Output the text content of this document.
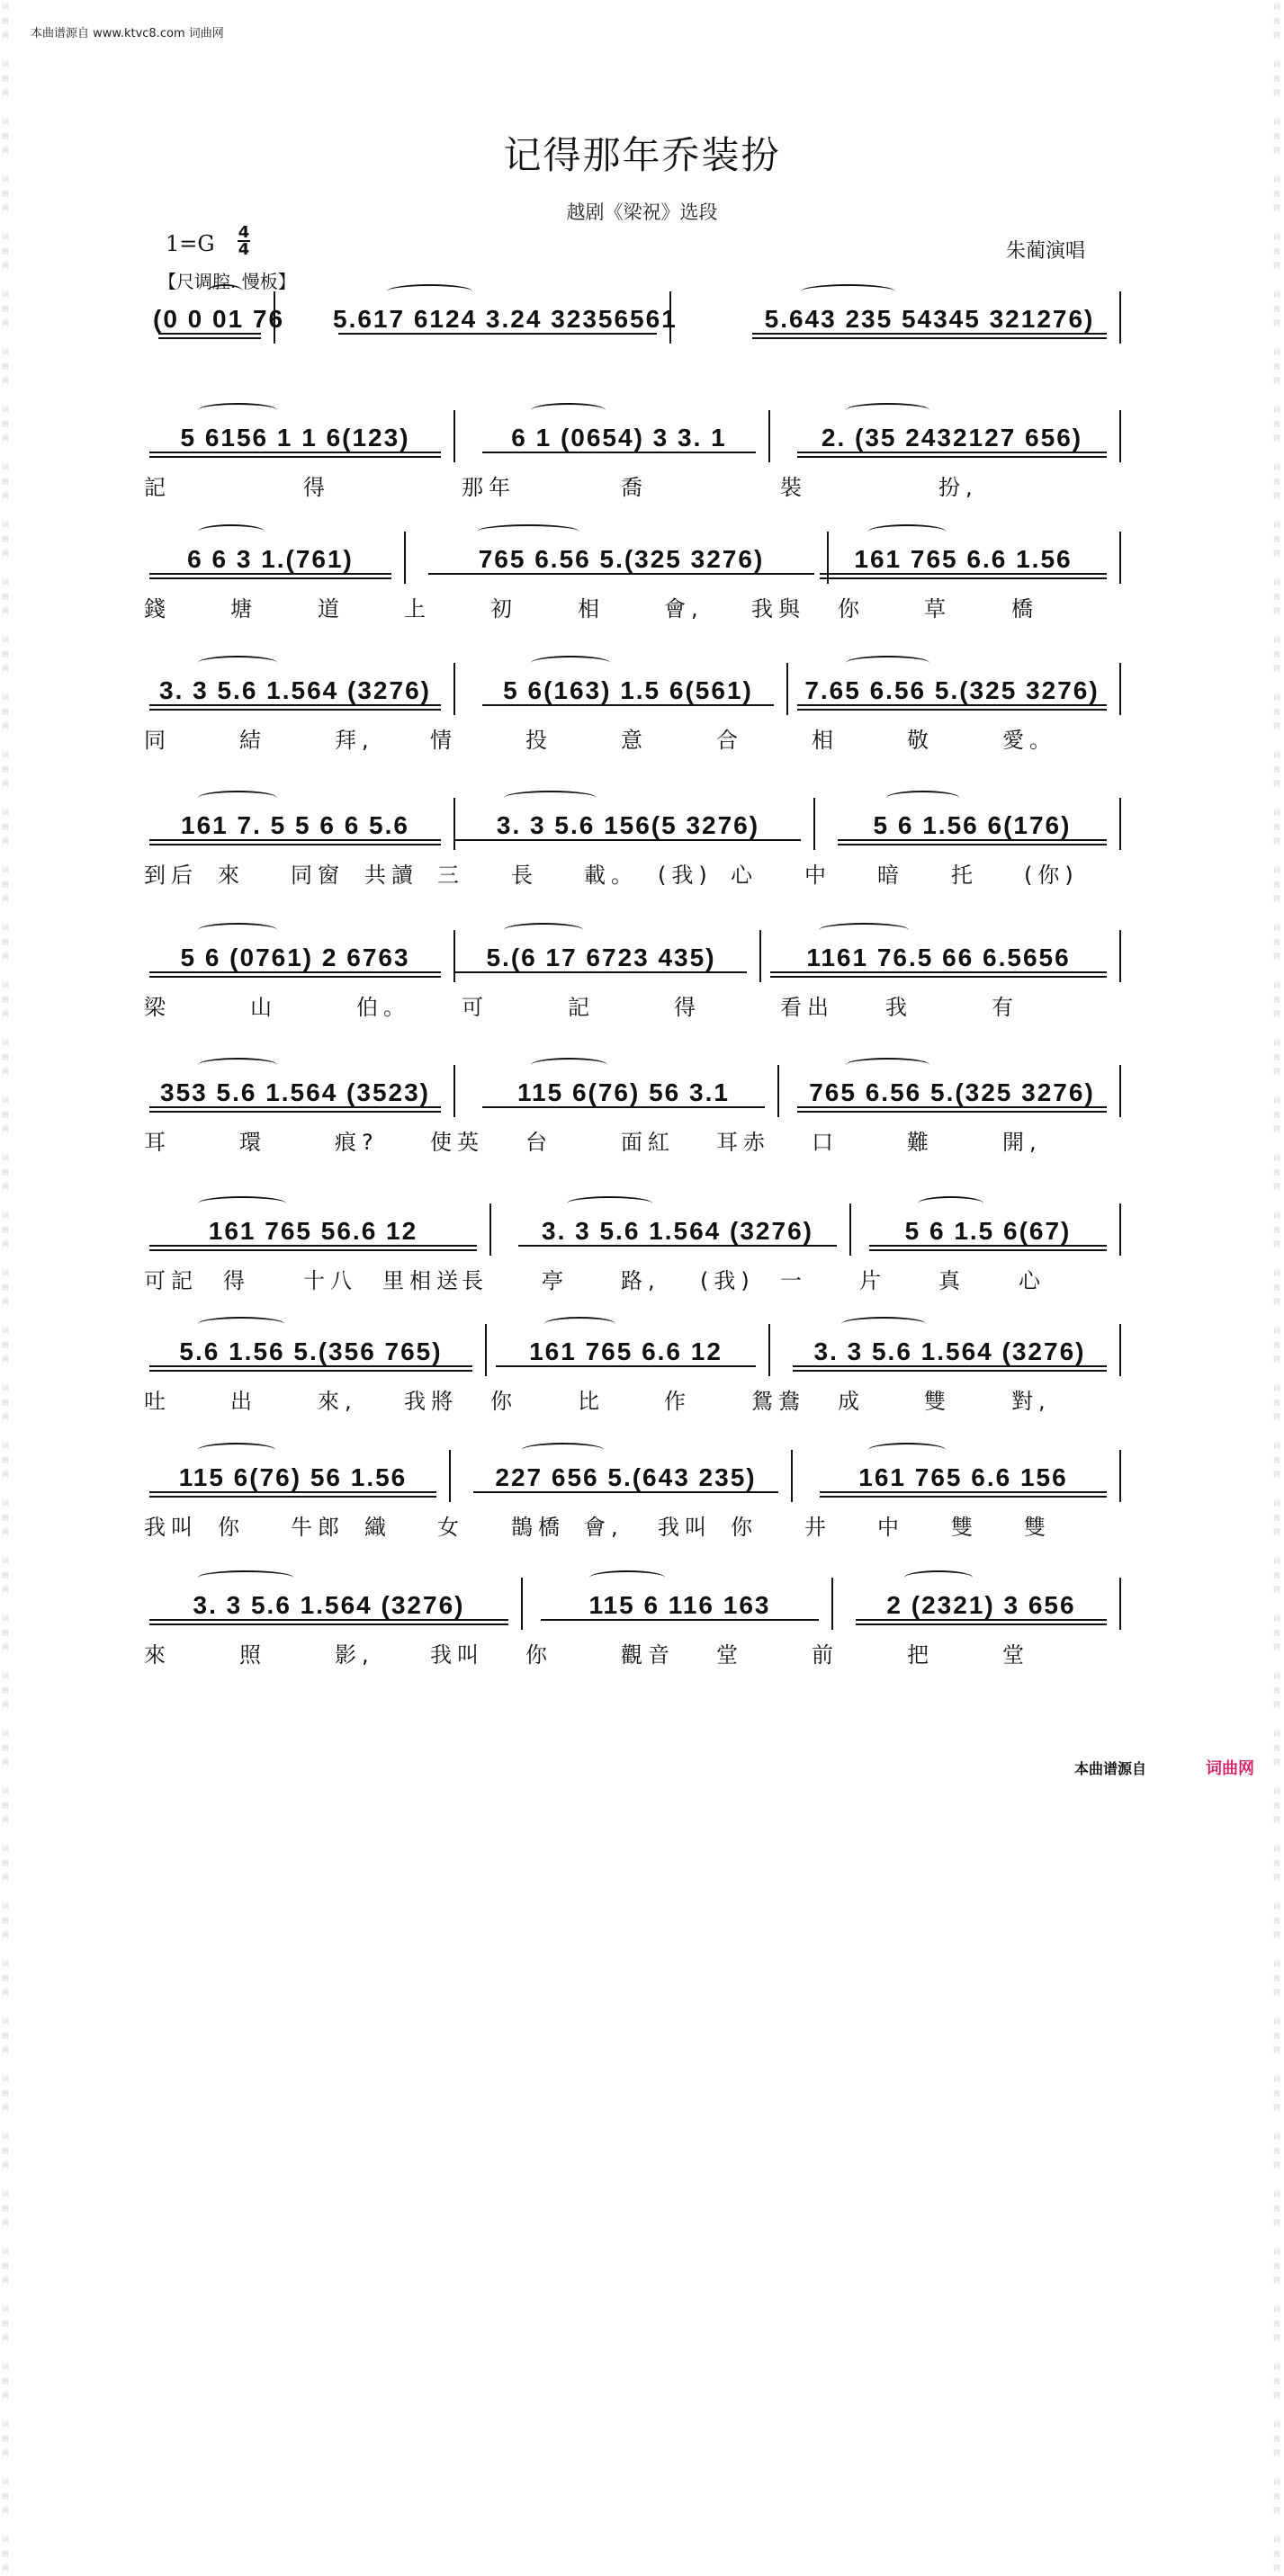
本曲谱源自 www.ktvc8.com 词曲网
词
曲
网

词
曲
网

词
曲
网

词
曲
网

词
曲
网

词
曲
网

词
曲
网

词
曲
网

词
曲
网

词
曲
网

词
曲
网

词
曲
网

词
曲
网

词
曲
网

词
曲
网

词
曲
网

词
曲
网

词
曲
网

词
曲
网

词
曲
网

词
曲
网

词
曲
网

词
曲
网

词
曲
网

词
曲
网

词
曲
网

词
曲
网

词
曲
网

词
曲
网

词
曲
网

词
曲
网

词
曲
网

词
曲
网

词
曲
网

词
曲
网

词
曲
网

词
曲
网

词
曲
网

词
曲
网

词
曲
网

词
曲
网

词
曲
网

词
曲
网

词
曲
网

词
曲
网

词
曲
网

词
曲
网

词
曲
网

词
曲
网

词
曲
网

词
曲
网

词
曲
网

词
曲
网

词
曲
网

词
曲
网

词
曲
网

词
曲
网

词
曲
网

词
曲
网

词
曲
网

词
曲
网

词
曲
网

词
曲
网

词
曲
网

词
曲
网

词
曲
网

词
曲
网

词
曲
网

词
曲
网

词
曲
网

词
曲
网

词
曲
网

词
曲
网

词
曲
网

词
曲
网

词
曲
网

词
曲
网

词
曲
网

词
曲
网

词
曲
网

词
曲
网

词
曲
网

词
曲
网

词
曲
网

词
曲
网

词
曲
网

词
曲
网

词
曲
网

词
曲
网

词
曲
网

记得那年乔装扮
越剧《梁祝》选段
1=G 4
4	朱蔺演唱
【尺调腔. 慢板】
(0 0 01 76 5.617 6124 3.24 32356561	5.643 235 54345 321276)
5 6156 1 1 6(123)	6 1 (0654) 3 3. 1	2. (35 2432127 656)
記	得	那年	喬	裝	扮,
6 6 3 1.(761)	765 6.56 5.(325 3276)	161 765 6.6 1.56
錢	塘	道	上	初	相	會, 我與 你	草	橋
3. 3 5.6 1.564 (3276)	5 6(163) 1.5 6(561)	7.65 6.56 5.(325 3276)
同	結	拜,	情	投	意	合	相	敬	愛。
161 7. 5 5 6 6 5.6	3. 3 5.6 156(5 3276)	5 6 1.56 6(176)
到后 來 同窗 共讀 三 長 載。 (我) 心 中 暗 托 (你)
5 6 (0761) 2 6763	5.(6 17 6723 435)	1161 76.5 66 6.5656
梁	山	伯。 可	記	得	看出 我	有
353 5.6 1.564 (3523)	115 6(76) 56 3.1	765 6.56 5.(325 3276)
耳	環	痕? 使英 台	面紅 耳赤 口	難	開,
161 765 56.6 12	3. 3 5.6 1.564 (3276)	5 6 1.5 6(67)
可記 得 十八 里相送
長 亭 路, (我) 一 片 真 心
5.6 1.56 5.(356 765)	161 765 6.6 12	3. 3 5.6 1.564 (3276)
吐	出	來, 我將 你	比	作	鴛鴦 成	雙	對,
115 6(76) 56 1.56	227 656 5.(643 235)	161 765 6.6 156
我叫 你 牛郎 織 女 鵲橋 會, 我叫 你 井 中 雙 雙
3. 3 5.6 1.564 (3276)	115 6 116 163	2 (2321) 3 656
來	照	影,	我叫 你	觀音 堂	前	把	堂
本曲谱源自	词曲网
